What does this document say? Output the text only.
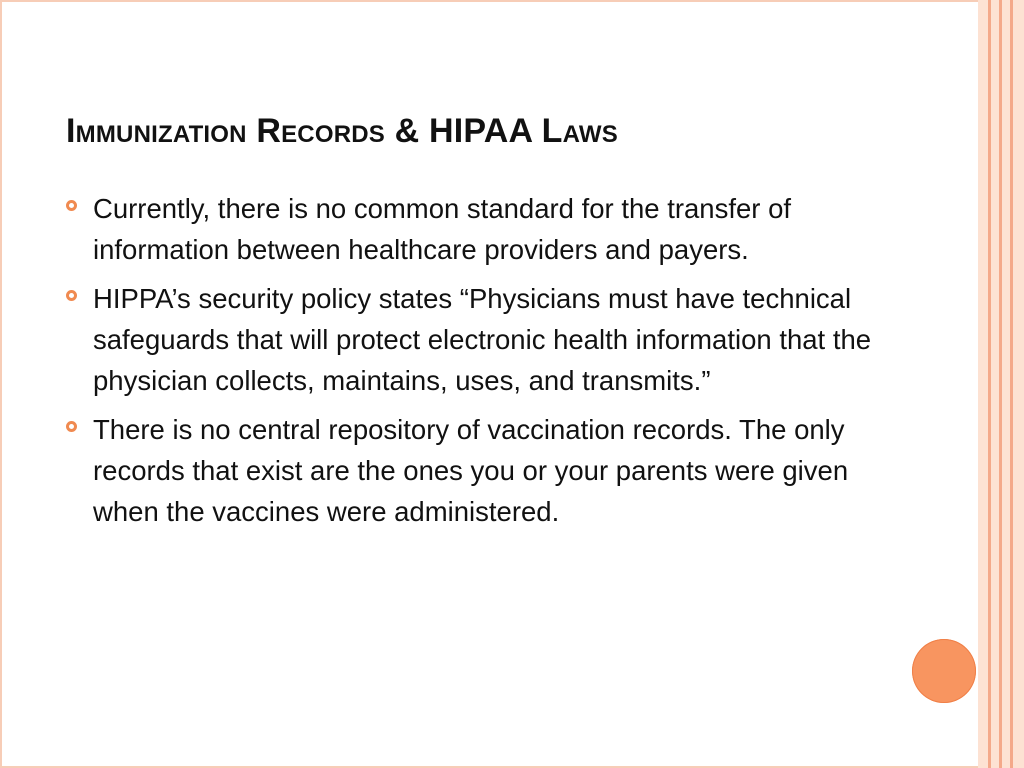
Immunization Records & HIPAA Laws
Currently, there is no common standard for the transfer of information between healthcare providers and payers.
HIPPA’s security policy states “Physicians must have technical safeguards that will protect electronic health information that the physician collects, maintains, uses, and transmits.”
There is no central repository of vaccination records. The only records that exist are the ones you or your parents were given when the vaccines were administered.
